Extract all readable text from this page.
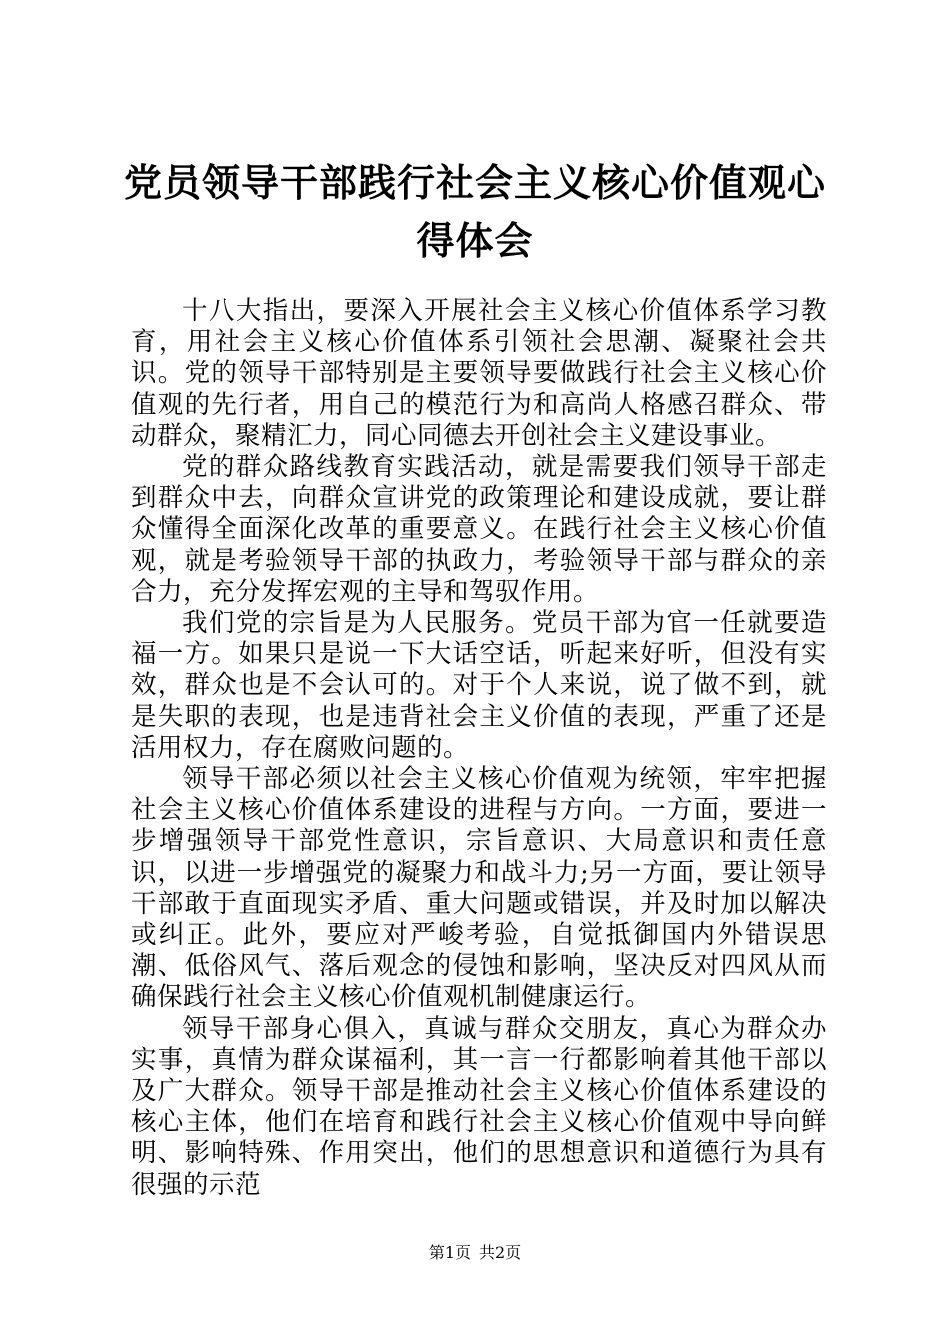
党员领导干部践行社会主义核心价值观心得体会

十八大指出，要深入开展社会主义核心价值体系学习教育，用社会主义核心价值体系引领社会思潮、凝聚社会共识。党的领导干部特别是主要领导要做践行社会主义核心价值观的先行者，用自己的模范行为和高尚人格感召群众、带动群众，聚精汇力，同心同德去开创社会主义建设事业。

党的群众路线教育实践活动，就是需要我们领导干部走到群众中去，向群众宣讲党的政策理论和建设成就，要让群众懂得全面深化改革的重要意义。在践行社会主义核心价值观，就是考验领导干部的执政力，考验领导干部与群众的亲合力，充分发挥宏观的主导和驾驭作用。

我们党的宗旨是为人民服务。党员干部为官一任就要造福一方。如果只是说一下大话空话，听起来好听，但没有实效，群众也是不会认可的。对于个人来说，说了做不到，就是失职的表现，也是违背社会主义价值的表现，严重了还是活用权力，存在腐败问题的。

领导干部必须以社会主义核心价值观为统领，牢牢把握社会主义核心价值体系建设的进程与方向。一方面，要进一步增强领导干部党性意识，宗旨意识、大局意识和责任意识，以进一步增强党的凝聚力和战斗力;另一方面，要让领导干部敢于直面现实矛盾、重大问题或错误，并及时加以解决或纠正。此外，要应对严峻考验，自觉抵御国内外错误思潮、低俗风气、落后观念的侵蚀和影响，坚决反对四风从而确保践行社会主义核心价值观机制健康运行。

领导干部身心俱入，真诚与群众交朋友，真心为群众办实事，真情为群众谋福利，其一言一行都影响着其他干部以及广大群众。领导干部是推动社会主义核心价值体系建设的核心主体，他们在培育和践行社会主义核心价值观中导向鲜明、影响特殊、作用突出，他们的思想意识和道德行为具有很强的示范

第1页 共2页
